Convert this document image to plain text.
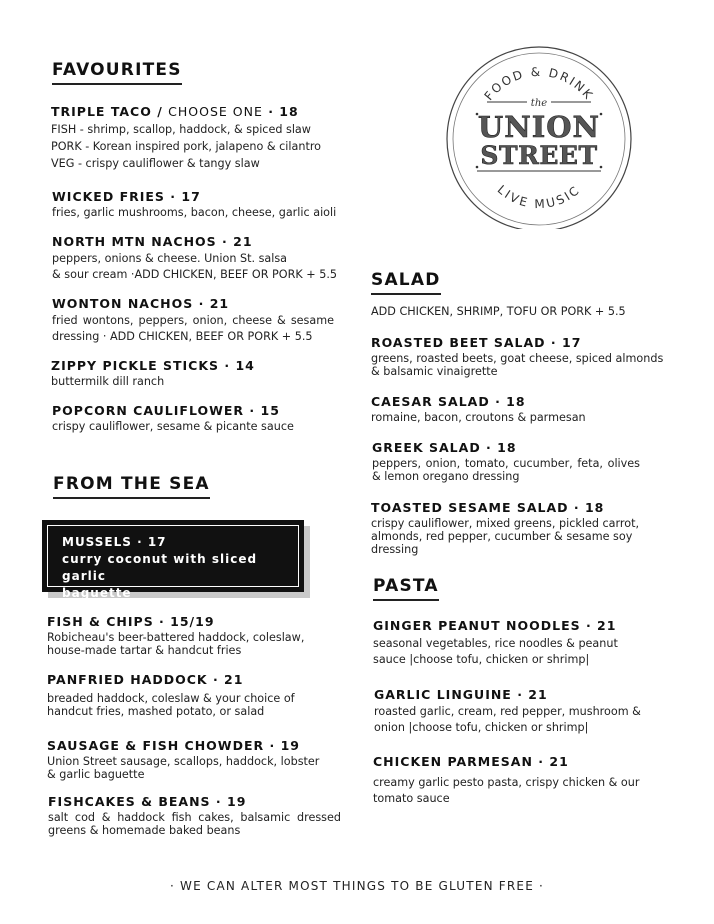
FOOD & DRINK
LIVE MUSIC
the
UNION
STREET
FAVOURITES
TRIPLE TACO / CHOOSE ONE · 18
FISH - shrimp, scallop, haddock, & spiced slaw
PORK - Korean inspired pork, jalapeno & cilantro
VEG - crispy cauliflower & tangy slaw
WICKED FRIES · 17
fries, garlic mushrooms, bacon, cheese, garlic aioli
NORTH MTN NACHOS · 21
peppers, onions & cheese. Union St. salsa
& sour cream ·ADD CHICKEN, BEEF OR PORK + 5.5
WONTON NACHOS · 21
fried wontons, peppers, onion, cheese & sesame
dressing · ADD CHICKEN, BEEF OR PORK + 5.5
ZIPPY PICKLE STICKS · 14
buttermilk dill ranch
POPCORN CAULIFLOWER · 15
crispy cauliflower, sesame & picante sauce
FROM THE SEA
MUSSELS · 17
curry coconut with sliced garlic
baguette
FISH & CHIPS · 15/19
Robicheau's beer-battered haddock, coleslaw,
house-made tartar & handcut fries
PANFRIED HADDOCK · 21
breaded haddock, coleslaw & your choice of
handcut fries, mashed potato, or salad
SAUSAGE & FISH CHOWDER · 19
Union Street sausage, scallops, haddock, lobster
& garlic baguette
FISHCAKES & BEANS · 19
salt cod & haddock fish cakes, balsamic dressed
greens & homemade baked beans
SALAD
ADD CHICKEN, SHRIMP, TOFU OR PORK + 5.5
ROASTED BEET SALAD · 17
greens, roasted beets, goat cheese, spiced almonds
& balsamic vinaigrette
CAESAR SALAD · 18
romaine, bacon, croutons & parmesan
GREEK SALAD · 18
peppers, onion, tomato, cucumber, feta, olives
& lemon oregano dressing
TOASTED SESAME SALAD · 18
crispy cauliflower, mixed greens, pickled carrot,
almonds, red pepper, cucumber & sesame soy
dressing
PASTA
GINGER PEANUT NOODLES · 21
seasonal vegetables, rice noodles & peanut
sauce |choose tofu, chicken or shrimp|
GARLIC LINGUINE · 21
roasted garlic, cream, red pepper, mushroom &
onion |choose tofu, chicken or shrimp|
CHICKEN PARMESAN · 21
creamy garlic pesto pasta, crispy chicken & our
tomato sauce
· WE CAN ALTER MOST THINGS TO BE GLUTEN FREE ·
